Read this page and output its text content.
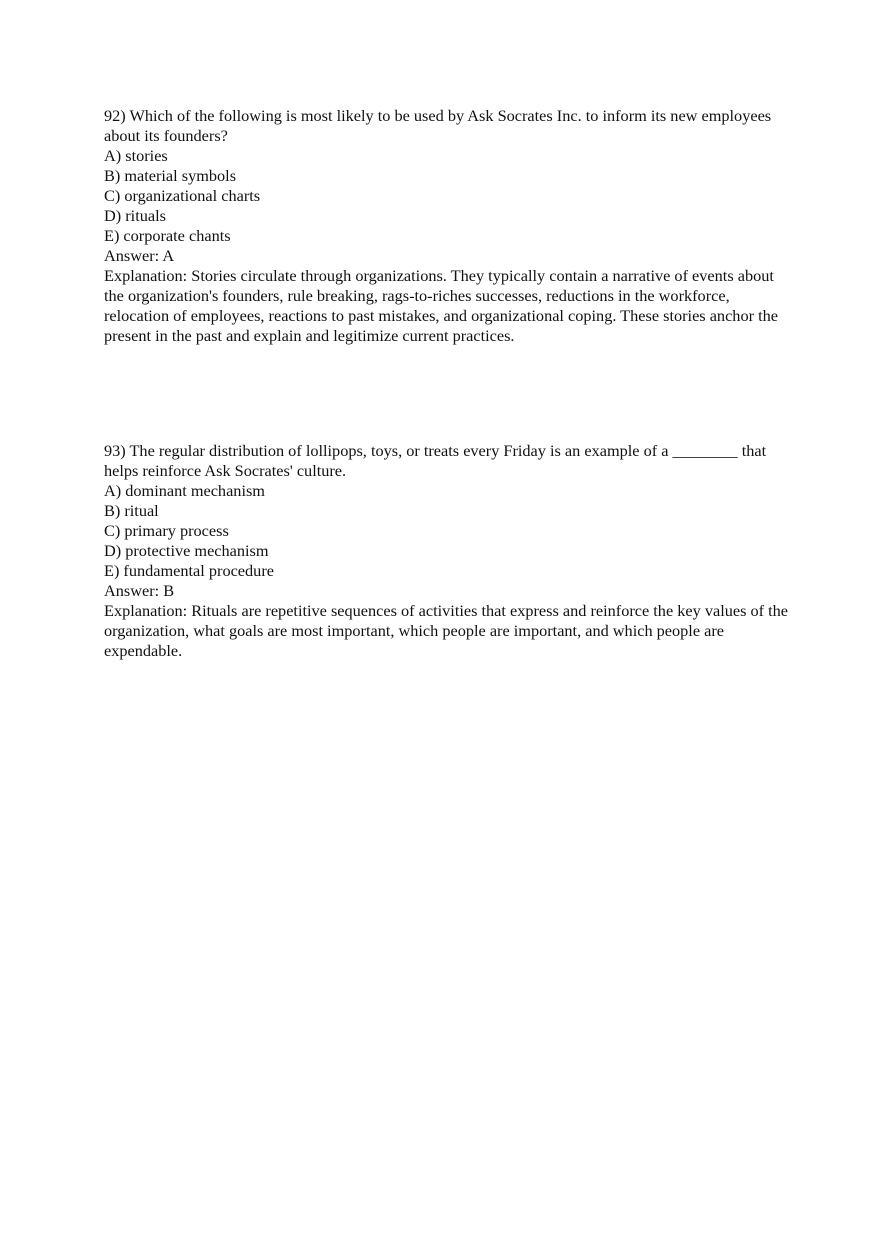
92) Which of the following is most likely to be used by Ask Socrates Inc. to inform its new employees about its founders?
A) stories
B) material symbols
C) organizational charts
D) rituals
E) corporate chants
Answer: A
Explanation: Stories circulate through organizations. They typically contain a narrative of events about the organization's founders, rule breaking, rags-to-riches successes, reductions in the workforce, relocation of employees, reactions to past mistakes, and organizational coping. These stories anchor the present in the past and explain and legitimize current practices.
93) The regular distribution of lollipops, toys, or treats every Friday is an example of a ________ that helps reinforce Ask Socrates' culture.
A) dominant mechanism
B) ritual
C) primary process
D) protective mechanism
E) fundamental procedure
Answer: B
Explanation: Rituals are repetitive sequences of activities that express and reinforce the key values of the organization, what goals are most important, which people are important, and which people are expendable.
